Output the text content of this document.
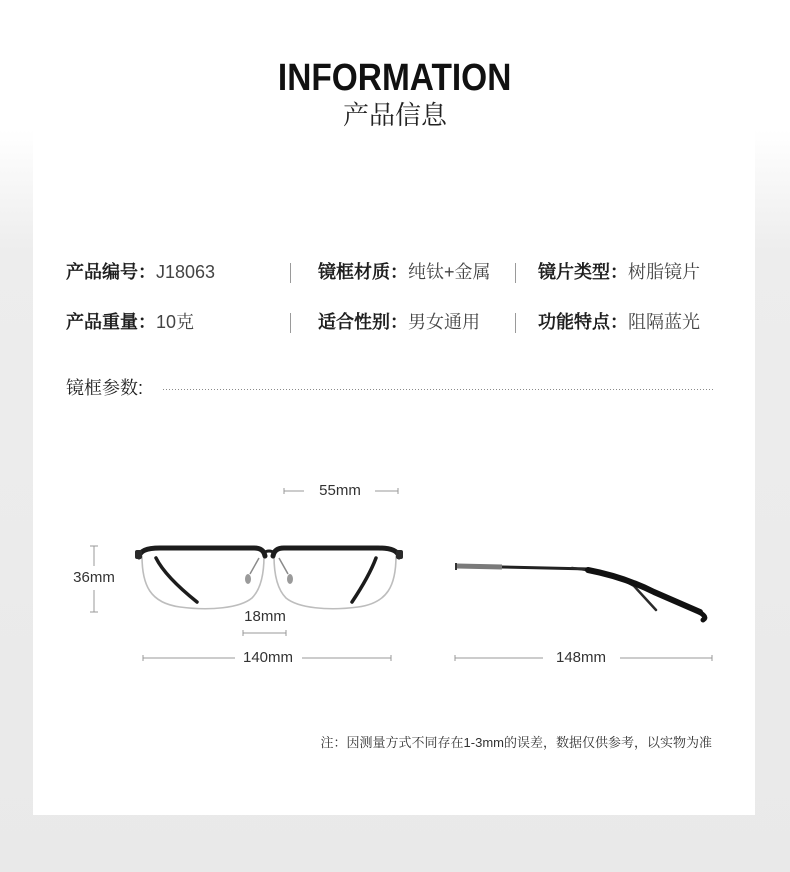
INFORMATION
产品信息
产品编号：J18063	镜框材质：纯钛+金属	镜片类型：树脂镜片
产品重量：10克	适合性别：男女通用	功能特点：阻隔蓝光
镜框参数:
55mm
36mm
18mm
140mm	148mm
注：因测量方式不同存在1-3mm的误差，数据仅供参考，以实物为准
